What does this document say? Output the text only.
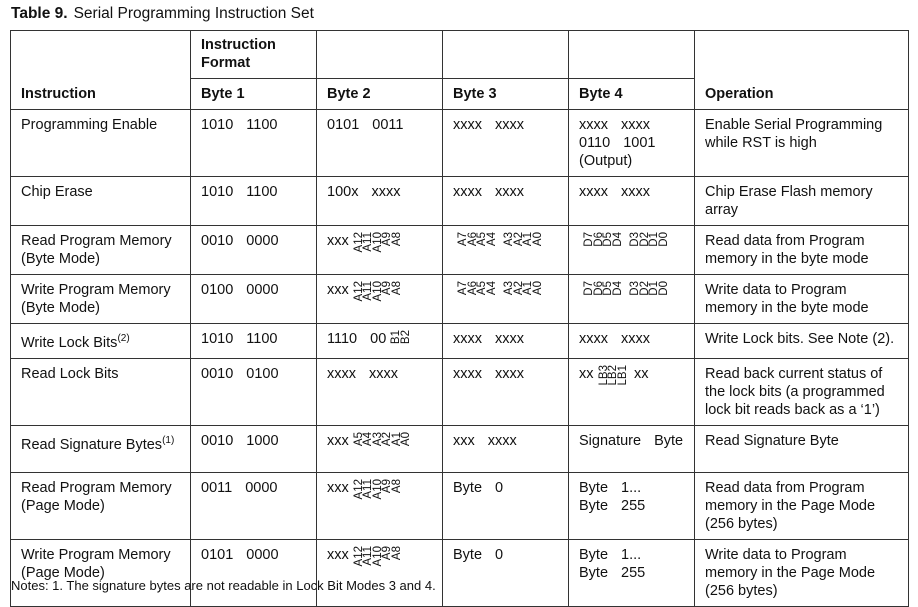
Table 9. Serial Programming Instruction Set
Instruction	Instruction Format				Operation
	Byte 1	Byte 2	Byte 3	Byte 4	
Programming Enable	1010 1100	0101 0011	xxxx xxxx	xxxx xxxx
0110 1001
(Output)	Enable Serial Programming while RST is high
Chip Erase	1010 1100	100x xxxx	xxxx xxxx	xxxx xxxx	Chip Erase Flash memory array
Read Program Memory (Byte Mode)	0010 0000	xxx A12A11A10A9A8	A7A6A5A4 A3A2A1A0	D7D6D5D4 D3D2D1D0	Read data from Program memory in the byte mode
Write Program Memory (Byte Mode)	0100 0000	xxx A12A11A10A9A8	A7A6A5A4 A3A2A1A0	D7D6D5D4 D3D2D1D0	Write data to Program memory in the byte mode
Write Lock Bits$^{(2)}$	1010 1100	1110 00 B1B2	xxxx xxxx	xxxx xxxx	Write Lock bits. See Note (2).
Read Lock Bits	0010 0100	xxxx xxxx	xxxx xxxx	xx LB3LB2LB1 xx	Read back current status of the lock bits (a programmed lock bit reads back as a ‘1’)
Read Signature Bytes$^{(1)}$	0010 1000	xxx A5A4A3A2A1A0	xxx xxxx	Signature Byte	Read Signature Byte
Read Program Memory (Page Mode)	0011 0000	xxx A12A11A10A9A8	Byte 0	Byte 1...
Byte 255	Read data from Program memory in the Page Mode (256 bytes)
Write Program Memory (Page Mode)	0101 0000	xxx A12A11A10A9A8	Byte 0	Byte 1...
Byte 255	Write data to Program memory in the Page Mode (256 bytes)
Notes: 1. The signature bytes are not readable in Lock Bit Modes 3 and 4.
